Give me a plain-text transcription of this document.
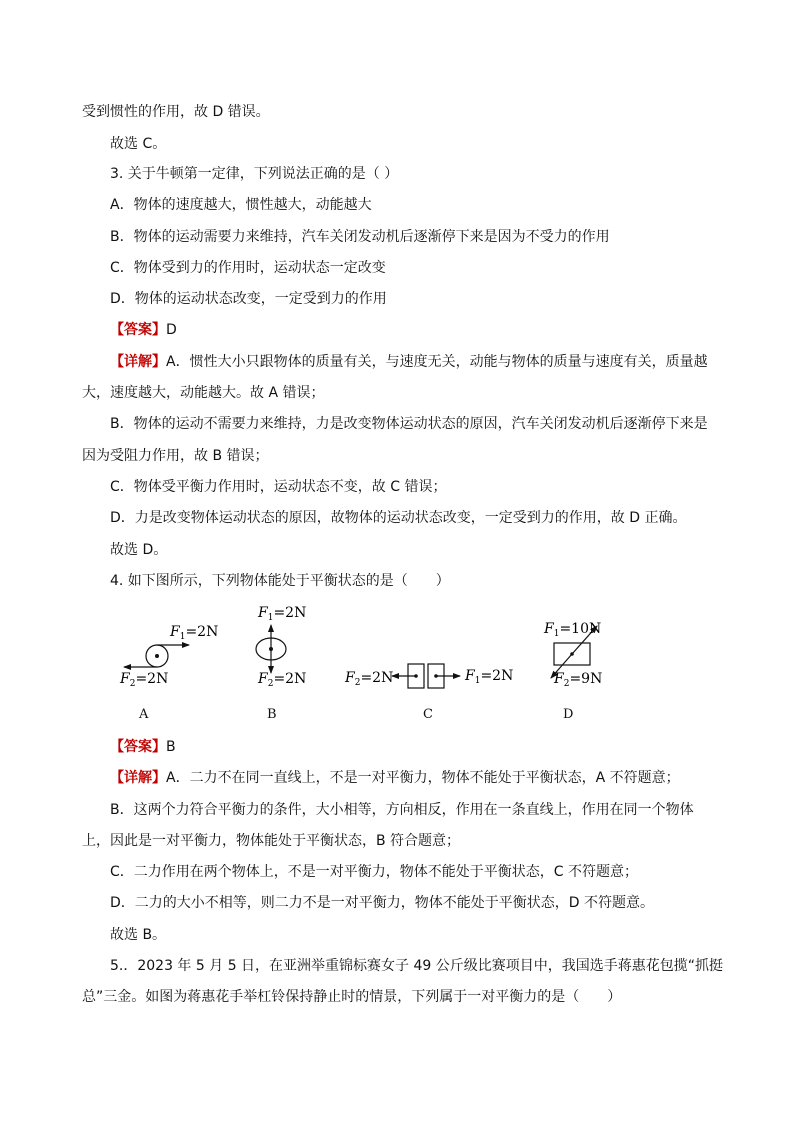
受到惯性的作用，故 D 错误。
故选 C。
3. 关于牛顿第一定律，下列说法正确的是（ ）
A．物体的速度越大，惯性越大，动能越大
B．物体的运动需要力来维持，汽车关闭发动机后逐渐停下来是因为不受力的作用
C．物体受到力的作用时，运动状态一定改变
D．物体的运动状态改变，一定受到力的作用
【答案】D
【详解】A．惯性大小只跟物体的质量有关，与速度无关，动能与物体的质量与速度有关，质量越
大，速度越大，动能越大。故 A 错误；
B．物体的运动不需要力来维持，力是改变物体运动状态的原因，汽车关闭发动机后逐渐停下来是
因为受阻力作用，故 B 错误；
C．物体受平衡力作用时，运动状态不变，故 C 错误；
D．力是改变物体运动状态的原因，故物体的运动状态改变，一定受到力的作用，故 D 正确。
故选 D。
4. 如下图所示，下列物体能处于平衡状态的是（　　）
$F_1=2N$
$F_2=2N$
$F_1=2N$
$F_2=2N$	$F_2=2N$	$F_1=2N$
$F_1=10N$
$F_2=9N$
A	B	C	D
【答案】B
【详解】A．二力不在同一直线上，不是一对平衡力，物体不能处于平衡状态，A 不符题意；
B．这两个力符合平衡力的条件，大小相等，方向相反，作用在一条直线上，作用在同一个物体
上，因此是一对平衡力，物体能处于平衡状态，B 符合题意；
C．二力作用在两个物体上，不是一对平衡力，物体不能处于平衡状态，C 不符题意；
D．二力的大小不相等，则二力不是一对平衡力，物体不能处于平衡状态，D 不符题意。
故选 B。
5.．2023 年 5 月 5 日，在亚洲举重锦标赛女子 49 公斤级比赛项目中，我国选手蒋惠花包揽“抓挺
总”三金。如图为蒋惠花手举杠铃保持静止时的情景，下列属于一对平衡力的是（　　）
